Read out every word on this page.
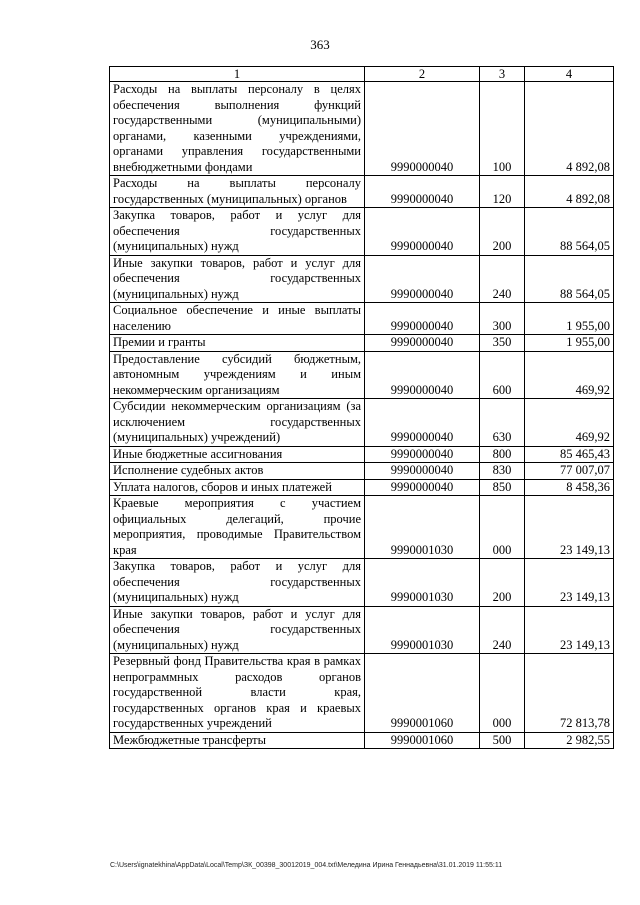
363
1	2	3	4
Расходы на выплаты персоналу в целях обеспечения выполнения функций государственными (муниципальными) органами, казенными учреждениями, органами управления государственными внебюджетными фондами	9990000040	100	4 892,08
Расходы на выплаты персоналу государственных (муниципальных) органов	9990000040	120	4 892,08
Закупка товаров, работ и услуг для обеспечения государственных (муниципальных) нужд	9990000040	200	88 564,05
Иные закупки товаров, работ и услуг для обеспечения государственных (муниципальных) нужд	9990000040	240	88 564,05
Социальное обеспечение и иные выплаты населению	9990000040	300	1 955,00
Премии и гранты	9990000040	350	1 955,00
Предоставление субсидий бюджетным, автономным учреждениям и иным некоммерческим организациям	9990000040	600	469,92
Субсидии некоммерческим организациям (за исключением государственных (муниципальных) учреждений)	9990000040	630	469,92
Иные бюджетные ассигнования	9990000040	800	85 465,43
Исполнение судебных актов	9990000040	830	77 007,07
Уплата налогов, сборов и иных платежей	9990000040	850	8 458,36
Краевые мероприятия с участием официальных делегаций, прочие мероприятия, проводимые Правительством края	9990001030	000	23 149,13
Закупка товаров, работ и услуг для обеспечения государственных (муниципальных) нужд	9990001030	200	23 149,13
Иные закупки товаров, работ и услуг для обеспечения государственных (муниципальных) нужд	9990001030	240	23 149,13
Резервный фонд Правительства края в рамках непрограммных расходов органов государственной власти края, государственных органов края и краевых государственных учреждений	9990001060	000	72 813,78
Межбюджетные трансферты	9990001060	500	2 982,55
C:\Users\ignatekhina\AppData\Local\Temp\ЗК_00398_30012019_004.txt\Меледина Ирина Геннадьевна\31.01.2019 11:55:11
